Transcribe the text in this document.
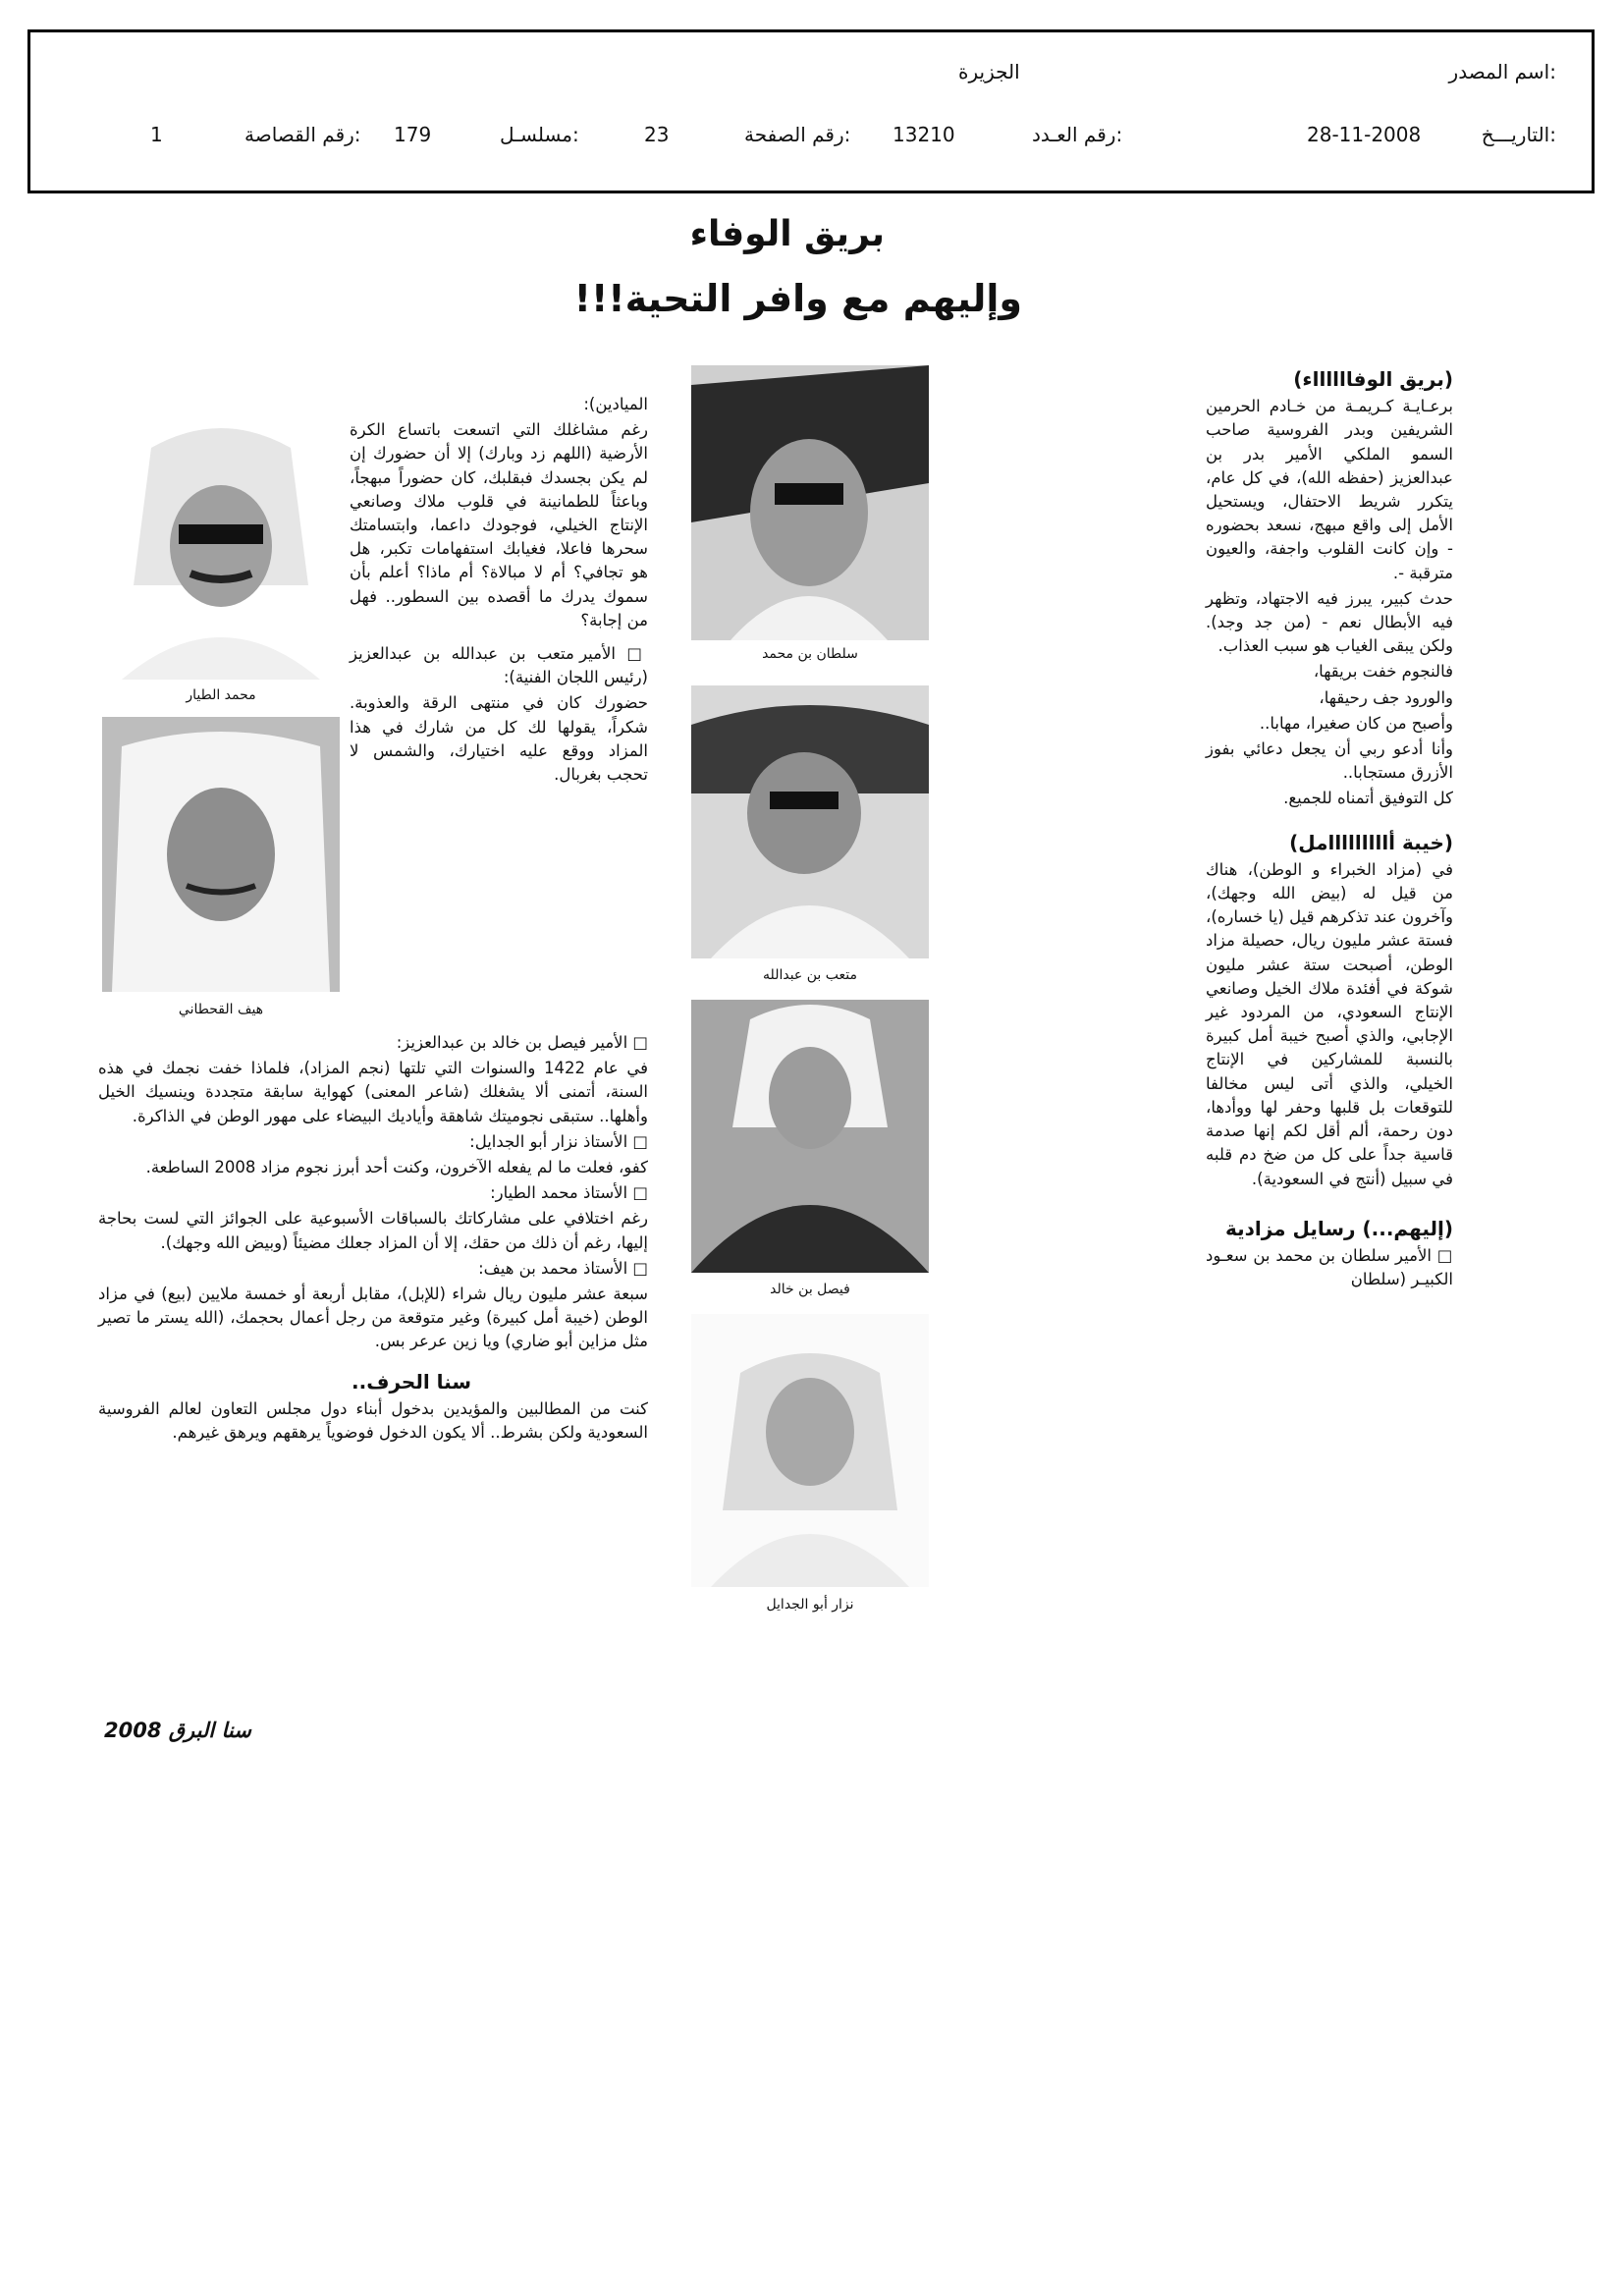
اسم المصدر:
الجزيرة
التاريـــخ:
28-11-2008
رقم العـدد:
13210
رقم الصفحة:
23
مسلسـل:
179
رقم القصاصة:
1
بريق الوفاء
وإليهم مع وافر التحية!!!
(بريق الوفااااااء)

برعـايـة كـريمـة من خـادم الحرمين الشريفين وبدر الفروسية صاحب السمو الملكي الأمير بدر بن عبدالعزيز (حفظه الله)، في كل عام، يتكرر شريط الاحتفال، ويستحيل الأمل إلى واقع مبهج، نسعد بحضوره - وإن كانت القلوب واجفة، والعيون مترقبة -.

حدث كبير، يبرز فيه الاجتهاد، وتظهر فيه الأبطال نعم - (من جد وجد). ولكن يبقى الغياب هو سبب العذاب.

فالنجوم خفت بريقها،

والورود جف رحيقها،

وأصبح من كان صغيرا، مهابا..

وأنا أدعو ربي أن يجعل دعائي بفوز الأزرق مستجابا..

كل التوفيق أتمناه للجميع.

(خيبة أااااااااامل)

في (مزاد الخبراء و الوطن)، هناك من قيل له (بيض الله وجهك)، وآخرون عند تذكرهم قيل (يا خساره)، فستة عشر مليون ريال، حصيلة مزاد الوطن، أصبحت ستة عشر مليون شوكة في أفئدة ملاك الخيل وصانعي الإنتاج السعودي، من المردود غير الإجابي، والذي أصبح خيبة أمل كبيرة بالنسبة للمشاركين في الإنتاج الخيلي، والذي أتى ليس مخالفا للتوقعات بل قلبها وحفر لها ووأدها، دون رحمة، ألم أقل لكم إنها صدمة قاسية جداً على كل من ضخ دم قلبه في سبيل (أنتج في السعودية).

(إليهم...) رسايل مزادية

□ الأمير سلطان بن محمد بن سعـود الكبيـر (سلطان

سلطان بن محمد
متعب بن عبدالله
فيصل بن خالد
نزار أبو الجدايل
محمد الطيار
هيف القحطاني

الميادين):

رغم مشاغلك التي اتسعت باتساع الكرة الأرضية (اللهم زد وبارك) إلا أن حضورك إن لم يكن بجسدك فبقلبك، كان حضوراً مبهجاً، وباعثاً للطمانينة في قلوب ملاك وصانعي الإنتاج الخيلي، فوجودك داعما، وابتسامتك سحرها فاعلا، فغيابك استفهامات تكبر، هل هو تجافي؟ أم لا مبالاة؟ أم ماذا؟ أعلم بأن سموك يدرك ما أقصده بين السطور.. فهل من إجابة؟

□ الأمير متعب بن عبدالله بن عبدالعزيز (رئيس اللجان الفنية):

حضورك كان في منتهى الرقة والعذوبة. شكراً، يقولها لك كل من شارك في هذا المزاد ووقع عليه اختيارك، والشمس لا تحجب بغربال.

□ الأمير فيصل بن خالد بن عبدالعزيز:

في عام 1422 والسنوات التي تلتها (نجم المزاد)، فلماذا خفت نجمك في هذه السنة، أتمنى ألا يشغلك (شاعر المعنى) كهواية سابقة متجددة وينسيك الخيل وأهلها.. ستبقى نجوميتك شاهقة وأياديك البيضاء على مهور الوطن في الذاكرة.

□ الأستاذ نزار أبو الجدايل:

كفو، فعلت ما لم يفعله الآخرون، وكنت أحد أبرز نجوم مزاد 2008 الساطعة.

□ الأستاذ محمد الطيار:

رغم اختلافي على مشاركاتك بالسباقات الأسبوعية على الجوائز التي لست بحاجة إليها، رغم أن ذلك من حقك، إلا أن المزاد جعلك مضيئاً (وبيض الله وجهك).

□ الأستاذ محمد بن هيف:

سبعة عشر مليون ريال شراء (للإبل)، مقابل أربعة أو خمسة ملايين (بيع) في مزاد الوطن (خيبة أمل كبيرة) وغير متوقعة من رجل أعمال بحجمك، (الله يستر ما تصير مثل مزاين أبو ضاري) ويا زين عرعر بس.

سنا الحرف..

كنت من المطالبين والمؤيدين بدخول أبناء دول مجلس التعاون لعالم الفروسية السعودية ولكن بشرط.. ألا يكون الدخول فوضوياً يرهقهم ويرهق غيرهم.

سنا البرق 2008
